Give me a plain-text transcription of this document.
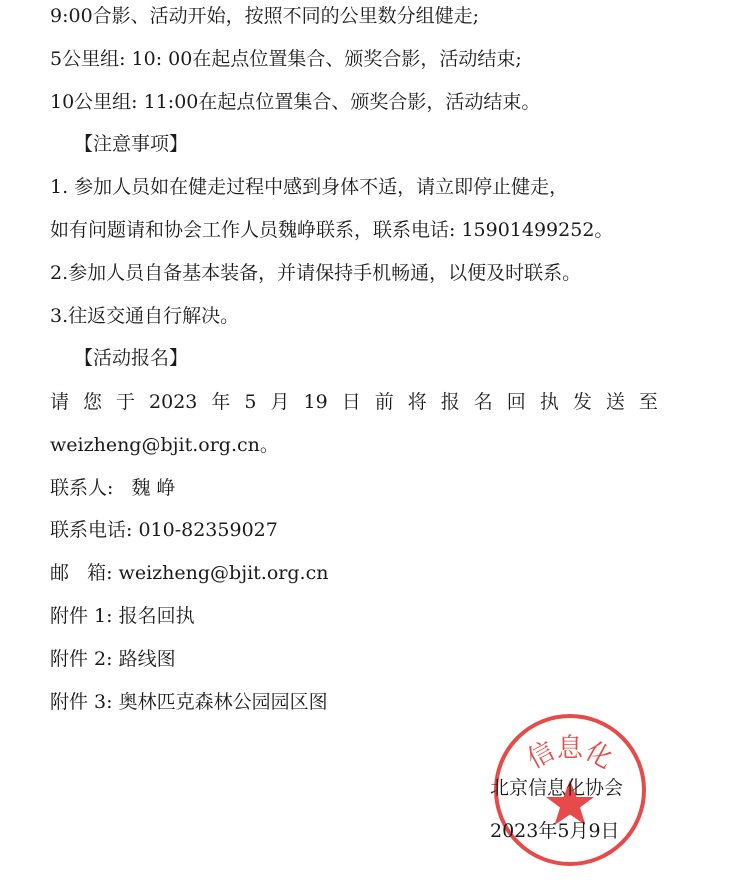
9:00合影、活动开始，按照不同的公里数分组健走;
5公里组: 10: 00在起点位置集合、颁奖合影，活动结束;
10公里组: 11:00在起点位置集合、颁奖合影，活动结束。
【注意事项】
1. 参加人员如在健走过程中感到身体不适，请立即停止健走，
如有问题请和协会工作人员魏峥联系，联系电话: 15901499252。
2.参加人员自备基本装备，并请保持手机畅通，以便及时联系。
3.往返交通自行解决。
【活动报名】
请 您 于 2023 年 5 月 19 日 前 将 报 名 回 执 发 送 至
weizheng@bjit.org.cn。
联系人:   魏 峥
联系电话: 010-82359027
邮   箱: weizheng@bjit.org.cn
附件 1: 报名回执
附件 2: 路线图
附件 3: 奥林匹克森林公园园区图
信息化
北京信息化协会
2023年5月9日
